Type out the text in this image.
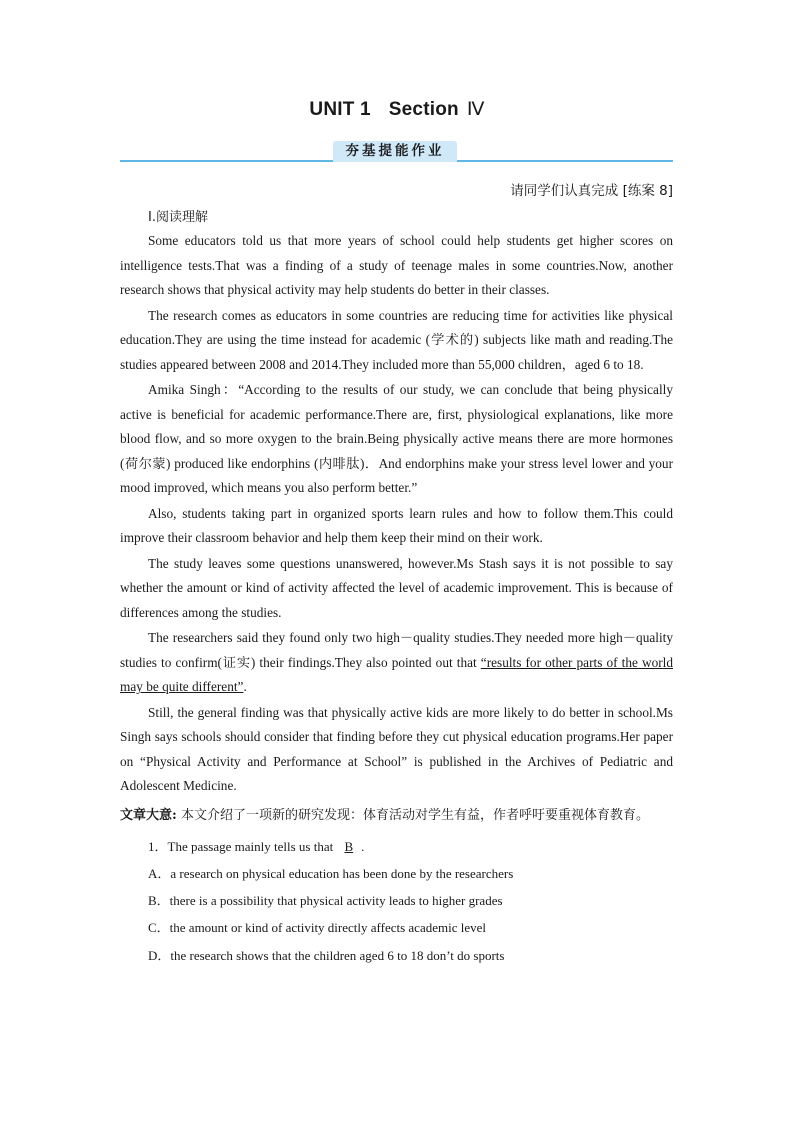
UNIT 1 Section Ⅳ
夯基提能作业
请同学们认真完成 [练案 8]
Ⅰ.阅读理解

Some educators told us that more years of school could help students get higher scores on intelligence tests.That was a finding of a study of teenage males in some countries.Now, another research shows that physical activity may help students do better in their classes.

The research comes as educators in some countries are reducing time for activities like physical education.They are using the time instead for academic (学术的) subjects like math and reading.The studies appeared between 2008 and 2014.They included more than 55,000 children，aged 6 to 18.

Amika Singh：“According to the results of our study, we can conclude that being physically active is beneficial for academic performance.There are, first, physiological explanations, like more blood flow, and so more oxygen to the brain.Being physically active means there are more hormones (荷尔蒙) produced like endorphins (内啡肽)．And endorphins make your stress level lower and your mood improved, which means you also perform better.”

Also, students taking part in organized sports learn rules and how to follow them.This could improve their classroom behavior and help them keep their mind on their work.

The study leaves some questions unanswered, however.Ms Stash says it is not possible to say whether the amount or kind of activity affected the level of academic improvement. This is because of differences among the studies.

The researchers said they found only two high－quality studies.They needed more high－quality studies to confirm(证实) their findings.They also pointed out that “results for other parts of the world may be quite different”.

Still, the general finding was that physically active kids are more likely to do better in school.Ms Singh says schools should consider that finding before they cut physical education programs.Her paper on “Physical Activity and Performance at School” is published in the Archives of Pediatric and Adolescent Medicine.

文章大意: 本文介绍了一项新的研究发现：体育活动对学生有益，作者呼吁要重视体育教育。
1．The passage mainly tells us that B .
A．a research on physical education has been done by the researchers
B．there is a possibility that physical activity leads to higher grades
C．the amount or kind of activity directly affects academic level
D．the research shows that the children aged 6 to 18 don’t do sports
